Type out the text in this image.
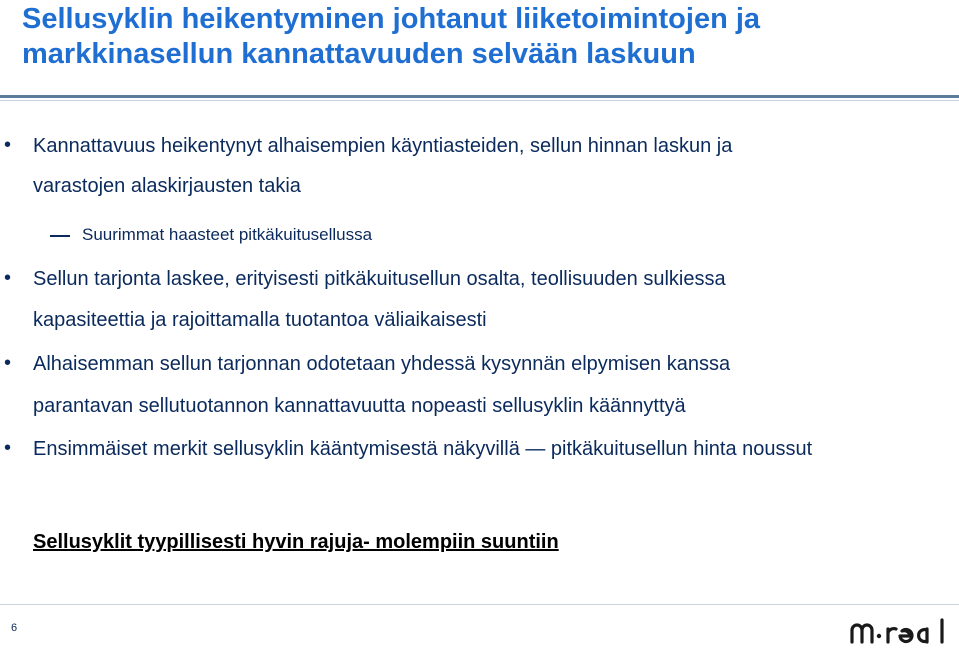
Sellusyklin heikentyminen johtanut liiketoimintojen ja
markkinasellun kannattavuuden selvään laskuun
• Kannattavuus heikentynyt alhaisempien käyntiasteiden, sellun hinnan laskun ja
varastojen alaskirjausten takia
Suurimmat haasteet pitkäkuitusellussa
• Sellun tarjonta laskee, erityisesti pitkäkuitusellun osalta, teollisuuden sulkiessa
kapasiteettia ja rajoittamalla tuotantoa väliaikaisesti
• Alhaisemman sellun tarjonnan odotetaan yhdessä kysynnän elpymisen kanssa
parantavan sellutuotannon kannattavuutta nopeasti sellusyklin käännyttyä
• Ensimmäiset merkit sellusyklin kääntymisestä näkyvillä — pitkäkuitusellun hinta noussut
Sellusyklit tyypillisesti hyvin rajuja- molempiin suuntiin
6
